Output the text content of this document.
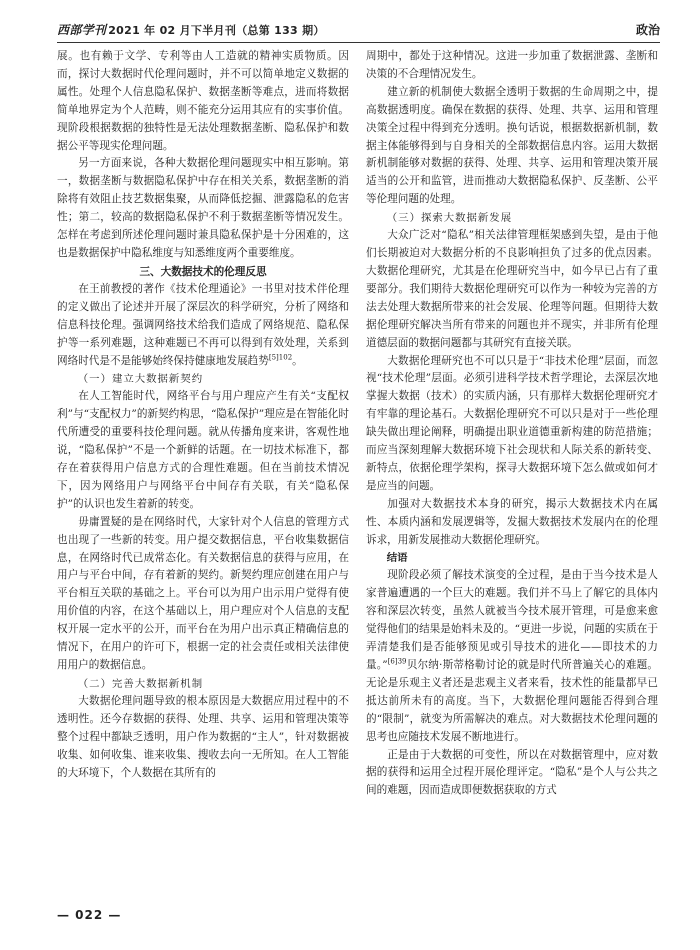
西部学刊 2021 年 02 月下半月刊（总第 133 期）	政治

展。也有赖于文学、专利等由人工造就的精神实质物质。因而，探讨大数据时代伦理问题时，并不可以简单地定义数据的属性。处理个人信息隐私保护、数据垄断等难点，进而将数据简单地界定为个人范畴，则不能充分运用其应有的实事价值。现阶段根据数据的独特性是无法处理数据垄断、隐私保护和数据公平等现实伦理问题。

另一方面来说，各种大数据伦理问题现实中相互影响。第一，数据垄断与数据隐私保护中存在相关关系，数据垄断的消除将有效阻止技艺数据集聚，从而降低挖掘、泄露隐私的危害性；第二，较高的数据隐私保护不利于数据垄断等情况发生。怎样在考虑到所述伦理问题时兼具隐私保护是十分困难的，这也是数据保护中隐私维度与知悉维度两个重要维度。

三、大数据技术的伦理反思

在王前教授的著作《技术伦理通论》一书里对技术伴伦理的定义做出了论述并开展了深层次的科学研究，分析了网络和信息科技伦理。强调网络技术给我们造成了网络规范、隐私保护等一系列难题，这种难题已不再可以得到有效处理，关系到网络时代是不是能够始终保持健康地发展趋势$^{[5]102}$。

（一）建立大数据新契约

在人工智能时代，网络平台与用户理应产生有关“支配权利”与“支配权力”的新契约构思，“隐私保护”理应是在智能化时代所遭受的重要科技伦理问题。就从传播角度来讲，客观性地说，“隐私保护”不是一个新鲜的话题。在一切技术标准下，都存在着获得用户信息方式的合理性难题。但在当前技术情况下，因为网络用户与网络平台中间存有关联，有关“隐私保护”的认识也发生着新的转变。

毋庸置疑的是在网络时代，大家针对个人信息的管理方式也出现了一些新的转变。用户提交数据信息，平台收集数据信息，在网络时代已成常态化。有关数据信息的获得与应用，在用户与平台中间，存有着新的契约。新契约理应创建在用户与平台相互关联的基础之上。平台可以为用户出示用户觉得有使用价值的内容，在这个基础以上，用户理应对个人信息的支配权开展一定水平的公开，而平台在为用户出示真正精确信息的情况下，在用户的许可下，根据一定的社会责任或相关法律使用用户的数据信息。

（二）完善大数据新机制

大数据伦理问题导致的根本原因是大数据应用过程中的不透明性。还今存数据的获得、处理、共享、运用和管理决策等整个过程中都缺乏透明，用户作为数据的“主人”，针对数据被收集、如何收集、谁来收集、搜收去向一无所知。在人工智能的大环境下，个人数据在其所有的

周期中，都处于这种情况。这进一步加重了数据泄露、垄断和决策的不合理情况发生。

建立新的机制使大数据全透明于数据的生命周期之中，提高数据透明度。确保在数据的获得、处理、共享、运用和管理决策全过程中得到充分透明。换句话说，根据数据新机制，数据主体能够得到与自身相关的全部数据信息内容。运用大数据新机制能够对数据的获得、处理、共享、运用和管理决策开展适当的公开和监管，进而推动大数据隐私保护、反垄断、公平等伦理问题的处理。

（三）探索大数据新发展

大众广泛对“隐私”相关法律管理框架感到失望，是由于他们长期被迫对大数据分析的不良影响担负了过多的优点因素。大数据伦理研究，尤其是在伦理研究当中，如今早已占有了重要部分。我们期待大数据伦理研究可以作为一种较为完善的方法去处理大数据所带来的社会发展、伦理等问题。但期待大数据伦理研究解决当所有带来的问题也并不现实，并非所有伦理道德层面的数据问题都与其研究有直接关联。

大数据伦理研究也不可以只是于“非技术伦理”层面，而忽视“技术伦理”层面。必须引进科学技术哲学理论，去深层次地掌握大数据（技术）的实质内涵，只有那样大数据伦理研究才有牢靠的理论基石。大数据伦理研究不可以只是对于一些伦理缺失做出理论阐释，明确提出职业道德重新构建的防范措施；而应当深刻理解大数据环境下社会现状和人际关系的新转变、新特点，依据伦理学架构，探寻大数据环境下怎么做或如何才是应当的问题。

加强对大数据技术本身的研究，揭示大数据技术内在属性、本质内涵和发展逻辑等，发掘大数据技术发展内在的伦理诉求，用新发展推动大数据伦理研究。

结语

现阶段必须了解技术演变的全过程，是由于当今技术是人家普遍遭遇的一个巨大的难题。我们并不马上了解它的具体内容和深层次转变，虽然人就被当今技术展开管理，可是愈来愈觉得他们的结果是始料未及的。“更进一步说，问题的实质在于弄清楚我们是否能够预见或引导技术的进化——即技术的力量。”$^{[6]39}$贝尔纳·斯蒂格勒讨论的就是时代所普遍关心的难题。无论是乐观主义者还是悲观主义者来看，技术性的能量都早已抵达前所未有的高度。当下，大数据伦理问题能否得到合理的“限制”，就变为所需解决的难点。对大数据技术伦理问题的思考也应随技术发展不断地进行。

正是由于大数据的可变性，所以在对数据管理中，应对数据的获得和运用全过程开展伦理评定。“隐私”是个人与公共之间的难题，因而造成即便数据获取的方式

— 022 —
